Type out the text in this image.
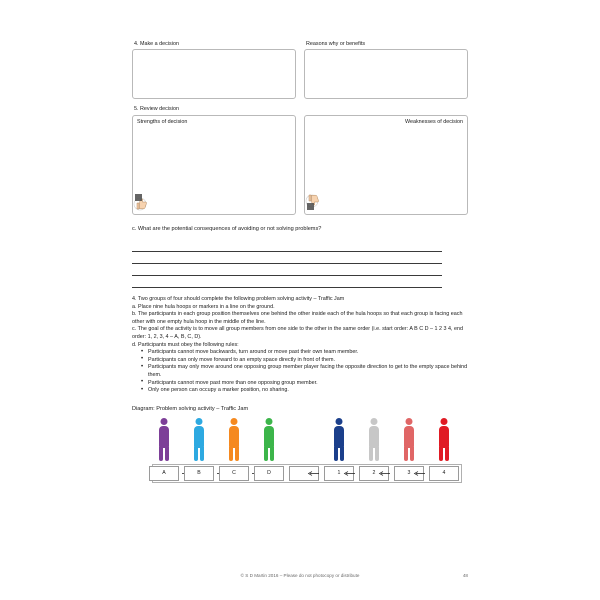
4. Make a decision	Reasons why or benefits
5. Review decision
Strengths of decision	Weaknesses of decision
c. What are the potential consequences of avoiding or not solving problems?

4. Two groups of four should complete the following problem solving activity – Traffic Jam

a. Place nine hula hoops or markers in a line on the ground.

b. The participants in each group position themselves one behind the other inside each of the hula hoops so that each group is facing each other with one empty hula hoop in the middle of the line.

c. The goal of the activity is to move all group members from one side to the other in the same order (i.e. start order: A B C D – 1 2 3 4, end order: 1, 2, 3, 4 – A, B, C, D).

d. Participants must obey the following rules:

• Participants cannot move backwards, turn around or move past their own team member.
• Participants can only move forward to an empty space directly in front of them.
• Participants may only move around one opposing group member player facing the opposite direction to get to the empty space behind them.
• Participants cannot move past more than one opposing group member.
• Only one person can occupy a marker position, no sharing.
Diagram: Problem solving activity – Traffic Jam
A	B	C	D	1	2	3	4
© S D Martin 2016 – Please do not photocopy or distribute	48
